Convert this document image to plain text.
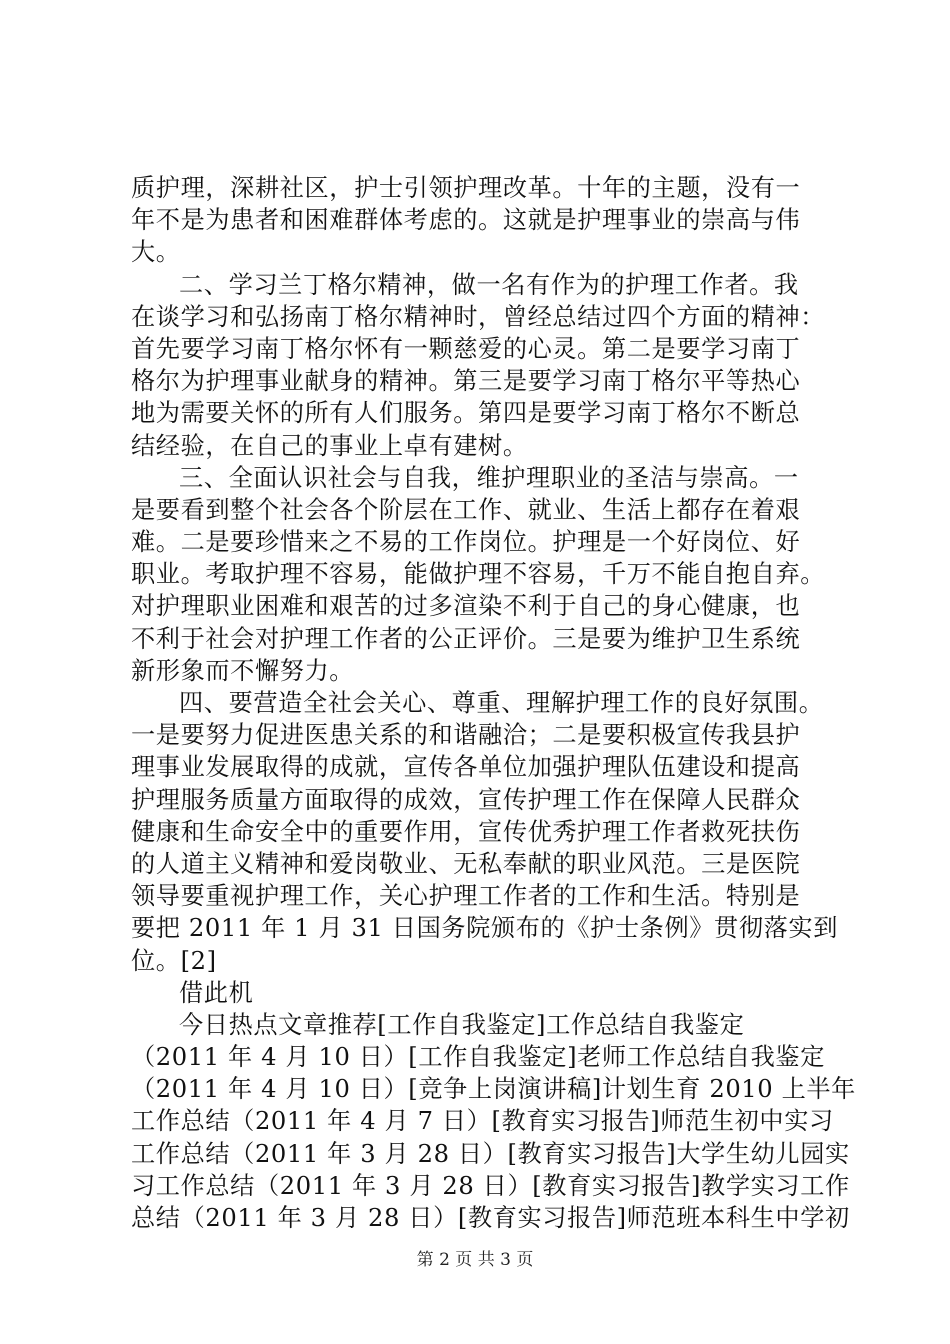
质护理，深耕社区，护士引领护理改革。十年的主题，没有一
年不是为患者和困难群体考虑的。这就是护理事业的崇高与伟
大。
二、学习兰丁格尔精神，做一名有作为的护理工作者。我
在谈学习和弘扬南丁格尔精神时，曾经总结过四个方面的精神：
首先要学习南丁格尔怀有一颗慈爱的心灵。第二是要学习南丁
格尔为护理事业献身的精神。第三是要学习南丁格尔平等热心
地为需要关怀的所有人们服务。第四是要学习南丁格尔不断总
结经验，在自己的事业上卓有建树。
三、全面认识社会与自我，维护理职业的圣洁与崇高。一
是要看到整个社会各个阶层在工作、就业、生活上都存在着艰
难。二是要珍惜来之不易的工作岗位。护理是一个好岗位、好
职业。考取护理不容易，能做护理不容易，千万不能自抱自弃。
对护理职业困难和艰苦的过多渲染不利于自己的身心健康，也
不利于社会对护理工作者的公正评价。三是要为维护卫生系统
新形象而不懈努力。
四、要营造全社会关心、尊重、理解护理工作的良好氛围。
一是要努力促进医患关系的和谐融洽；二是要积极宣传我县护
理事业发展取得的成就，宣传各单位加强护理队伍建设和提高
护理服务质量方面取得的成效，宣传护理工作在保障人民群众
健康和生命安全中的重要作用，宣传优秀护理工作者救死扶伤
的人道主义精神和爱岗敬业、无私奉献的职业风范。三是医院
领导要重视护理工作，关心护理工作者的工作和生活。特别是
要把 2011 年 1 月 31 日国务院颁布的《护士条例》贯彻落实到
位。[2]
借此机
今日热点文章推荐[工作自我鉴定]工作总结自我鉴定
（2011 年 4 月 10 日）[工作自我鉴定]老师工作总结自我鉴定
（2011 年 4 月 10 日）[竞争上岗演讲稿]计划生育 2010 上半年
工作总结（2011 年 4 月 7 日）[教育实习报告]师范生初中实习
工作总结（2011 年 3 月 28 日）[教育实习报告]大学生幼儿园实
习工作总结（2011 年 3 月 28 日）[教育实习报告]教学实习工作
总结（2011 年 3 月 28 日）[教育实习报告]师范班本科生中学初
第 2 页 共 3 页
